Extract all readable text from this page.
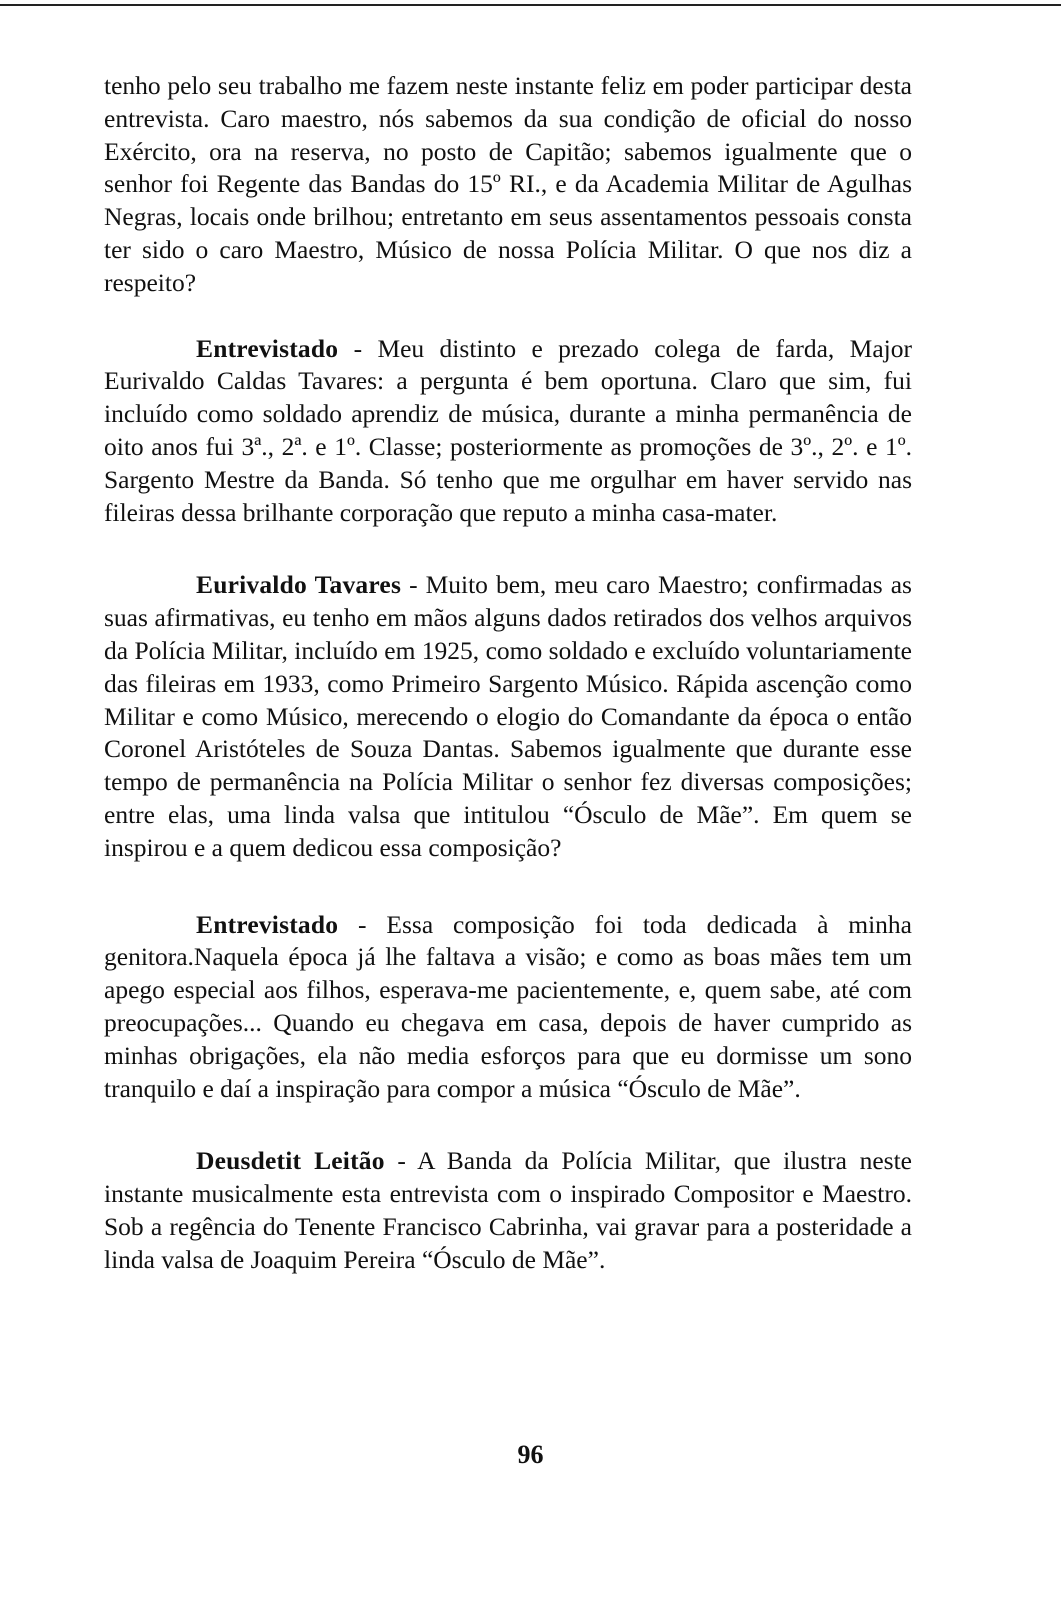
tenho pelo seu trabalho me fazem neste instante feliz em poder participar desta entrevista. Caro maestro, nós sabemos da sua condição de oficial do nosso Exército, ora na reserva, no posto de Capitão; sabemos igualmente que o senhor foi Regente das Bandas do 15º RI., e da Academia Militar de Agulhas Negras, locais onde brilhou; entretanto em seus assentamentos pessoais consta ter sido o caro Maestro, Músico de nossa Polícia Militar. O que nos diz a respeito?

Entrevistado - Meu distinto e prezado colega de farda, Major Eurivaldo Caldas Tavares: a pergunta é bem oportuna. Claro que sim, fui incluído como soldado aprendiz de música, durante a minha permanência de oito anos fui 3ª., 2ª. e 1º. Classe; posteriormente as promoções de 3º., 2º. e 1º. Sargento Mestre da Banda. Só tenho que me orgulhar em haver servido nas fileiras dessa brilhante corporação que reputo a minha casa-mater.

Eurivaldo Tavares - Muito bem, meu caro Maestro; confirmadas as suas afirmativas, eu tenho em mãos alguns dados retirados dos velhos arquivos da Polícia Militar, incluído em 1925, como soldado e excluído voluntariamente das fileiras em 1933, como Primeiro Sargento Músico. Rápida ascenção como Militar e como Músico, merecendo o elogio do Comandante da época o então Coronel Aristóteles de Souza Dantas. Sabemos igualmente que durante esse tempo de permanência na Polícia Militar o senhor fez diversas composições; entre elas, uma linda valsa que intitulou “Ósculo de Mãe”. Em quem se inspirou e a quem dedicou essa composição?

Entrevistado - Essa composição foi toda dedicada à minha genitora.Naquela época já lhe faltava a visão; e como as boas mães tem um apego especial aos filhos, esperava-me pacientemente, e, quem sabe, até com preocupações... Quando eu chegava em casa, depois de haver cumprido as minhas obrigações, ela não media esforços para que eu dormisse um sono tranquilo e daí a inspiração para compor a música “Ósculo de Mãe”.

Deusdetit Leitão - A Banda da Polícia Militar, que ilustra neste instante musicalmente esta entrevista com o inspirado Compositor e Maestro. Sob a regência do Tenente Francisco Cabrinha, vai gravar para a posteridade a linda valsa de Joaquim Pereira “Ósculo de Mãe”.

96
